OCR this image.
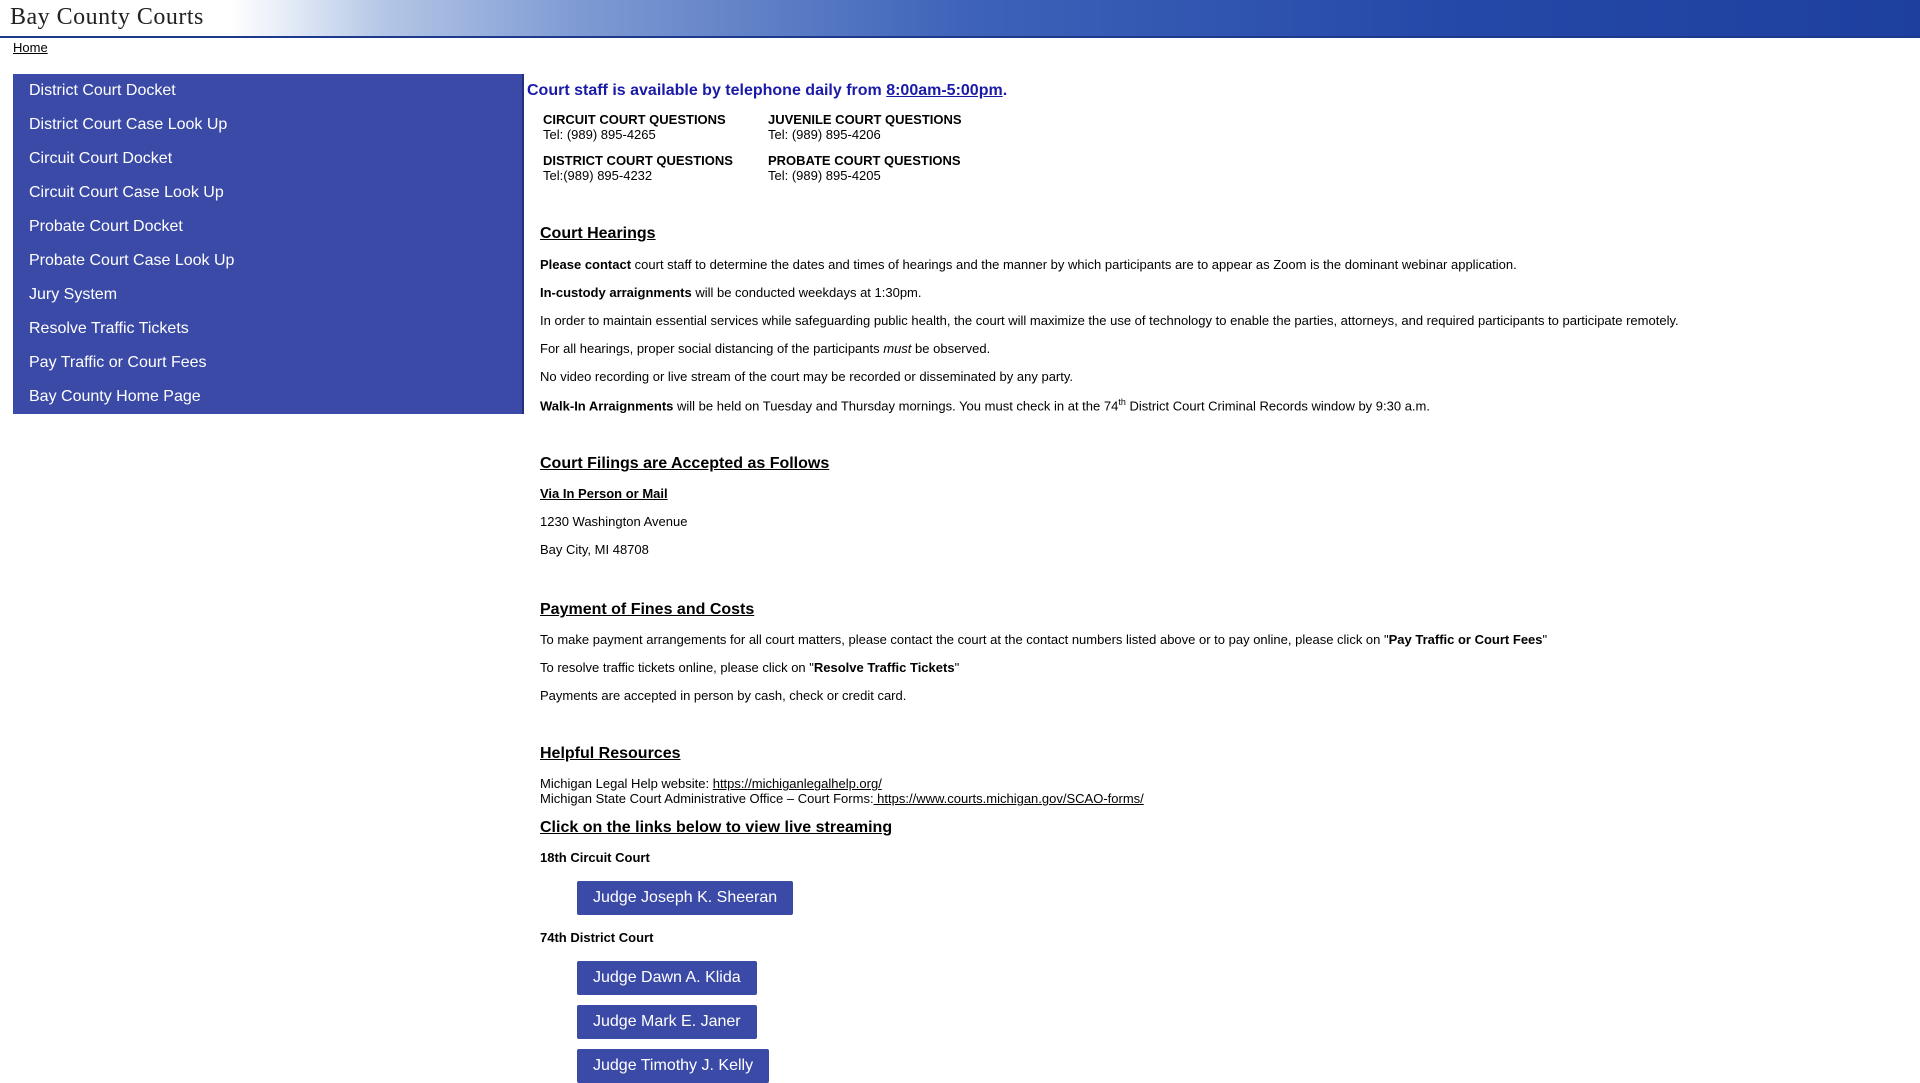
Bay County Courts
Home
District Court Docket
District Court Case Look Up
Circuit Court Docket
Circuit Court Case Look Up
Probate Court Docket
Probate Court Case Look Up
Jury System
Resolve Traffic Tickets
Pay Traffic or Court Fees
Bay County Home Page
Court staff is available by telephone daily from 8:00am-5:00pm.
CIRCUIT COURT QUESTIONS
Tel: (989) 895-4265
JUVENILE COURT QUESTIONS
Tel: (989) 895-4206
DISTRICT COURT QUESTIONS
Tel:(989) 895-4232
PROBATE COURT QUESTIONS
Tel: (989) 895-4205
Court Hearings

Please contact court staff to determine the dates and times of hearings and the manner by which participants are to appear as Zoom is the dominant webinar application.

In-custody arraignments will be conducted weekdays at 1:30pm.

In order to maintain essential services while safeguarding public health, the court will maximize the use of technology to enable the parties, attorneys, and required participants to participate remotely.

For all hearings, proper social distancing of the participants must be observed.

No video recording or live stream of the court may be recorded or disseminated by any party.

Walk-In Arraignments will be held on Tuesday and Thursday mornings. You must check in at the 74th District Court Criminal Records window by 9:30 a.m.

Court Filings are Accepted as Follows
Via In Person or Mail

1230 Washington Avenue

Bay City, MI 48708

Payment of Fines and Costs

To make payment arrangements for all court matters, please contact the court at the contact numbers listed above or to pay online, please click on "Pay Traffic or Court Fees"

To resolve traffic tickets online, please click on "Resolve Traffic Tickets"

Payments are accepted in person by cash, check or credit card.

Helpful Resources

Michigan Legal Help website: https://michiganlegalhelp.org/

Michigan State Court Administrative Office – Court Forms: https://www.courts.michigan.gov/SCAO-forms/

Click on the links below to view live streaming
18th Circuit Court
Judge Joseph K. Sheeran
74th District Court
Judge Dawn A. Klida
Judge Mark E. Janer
Judge Timothy J. Kelly
